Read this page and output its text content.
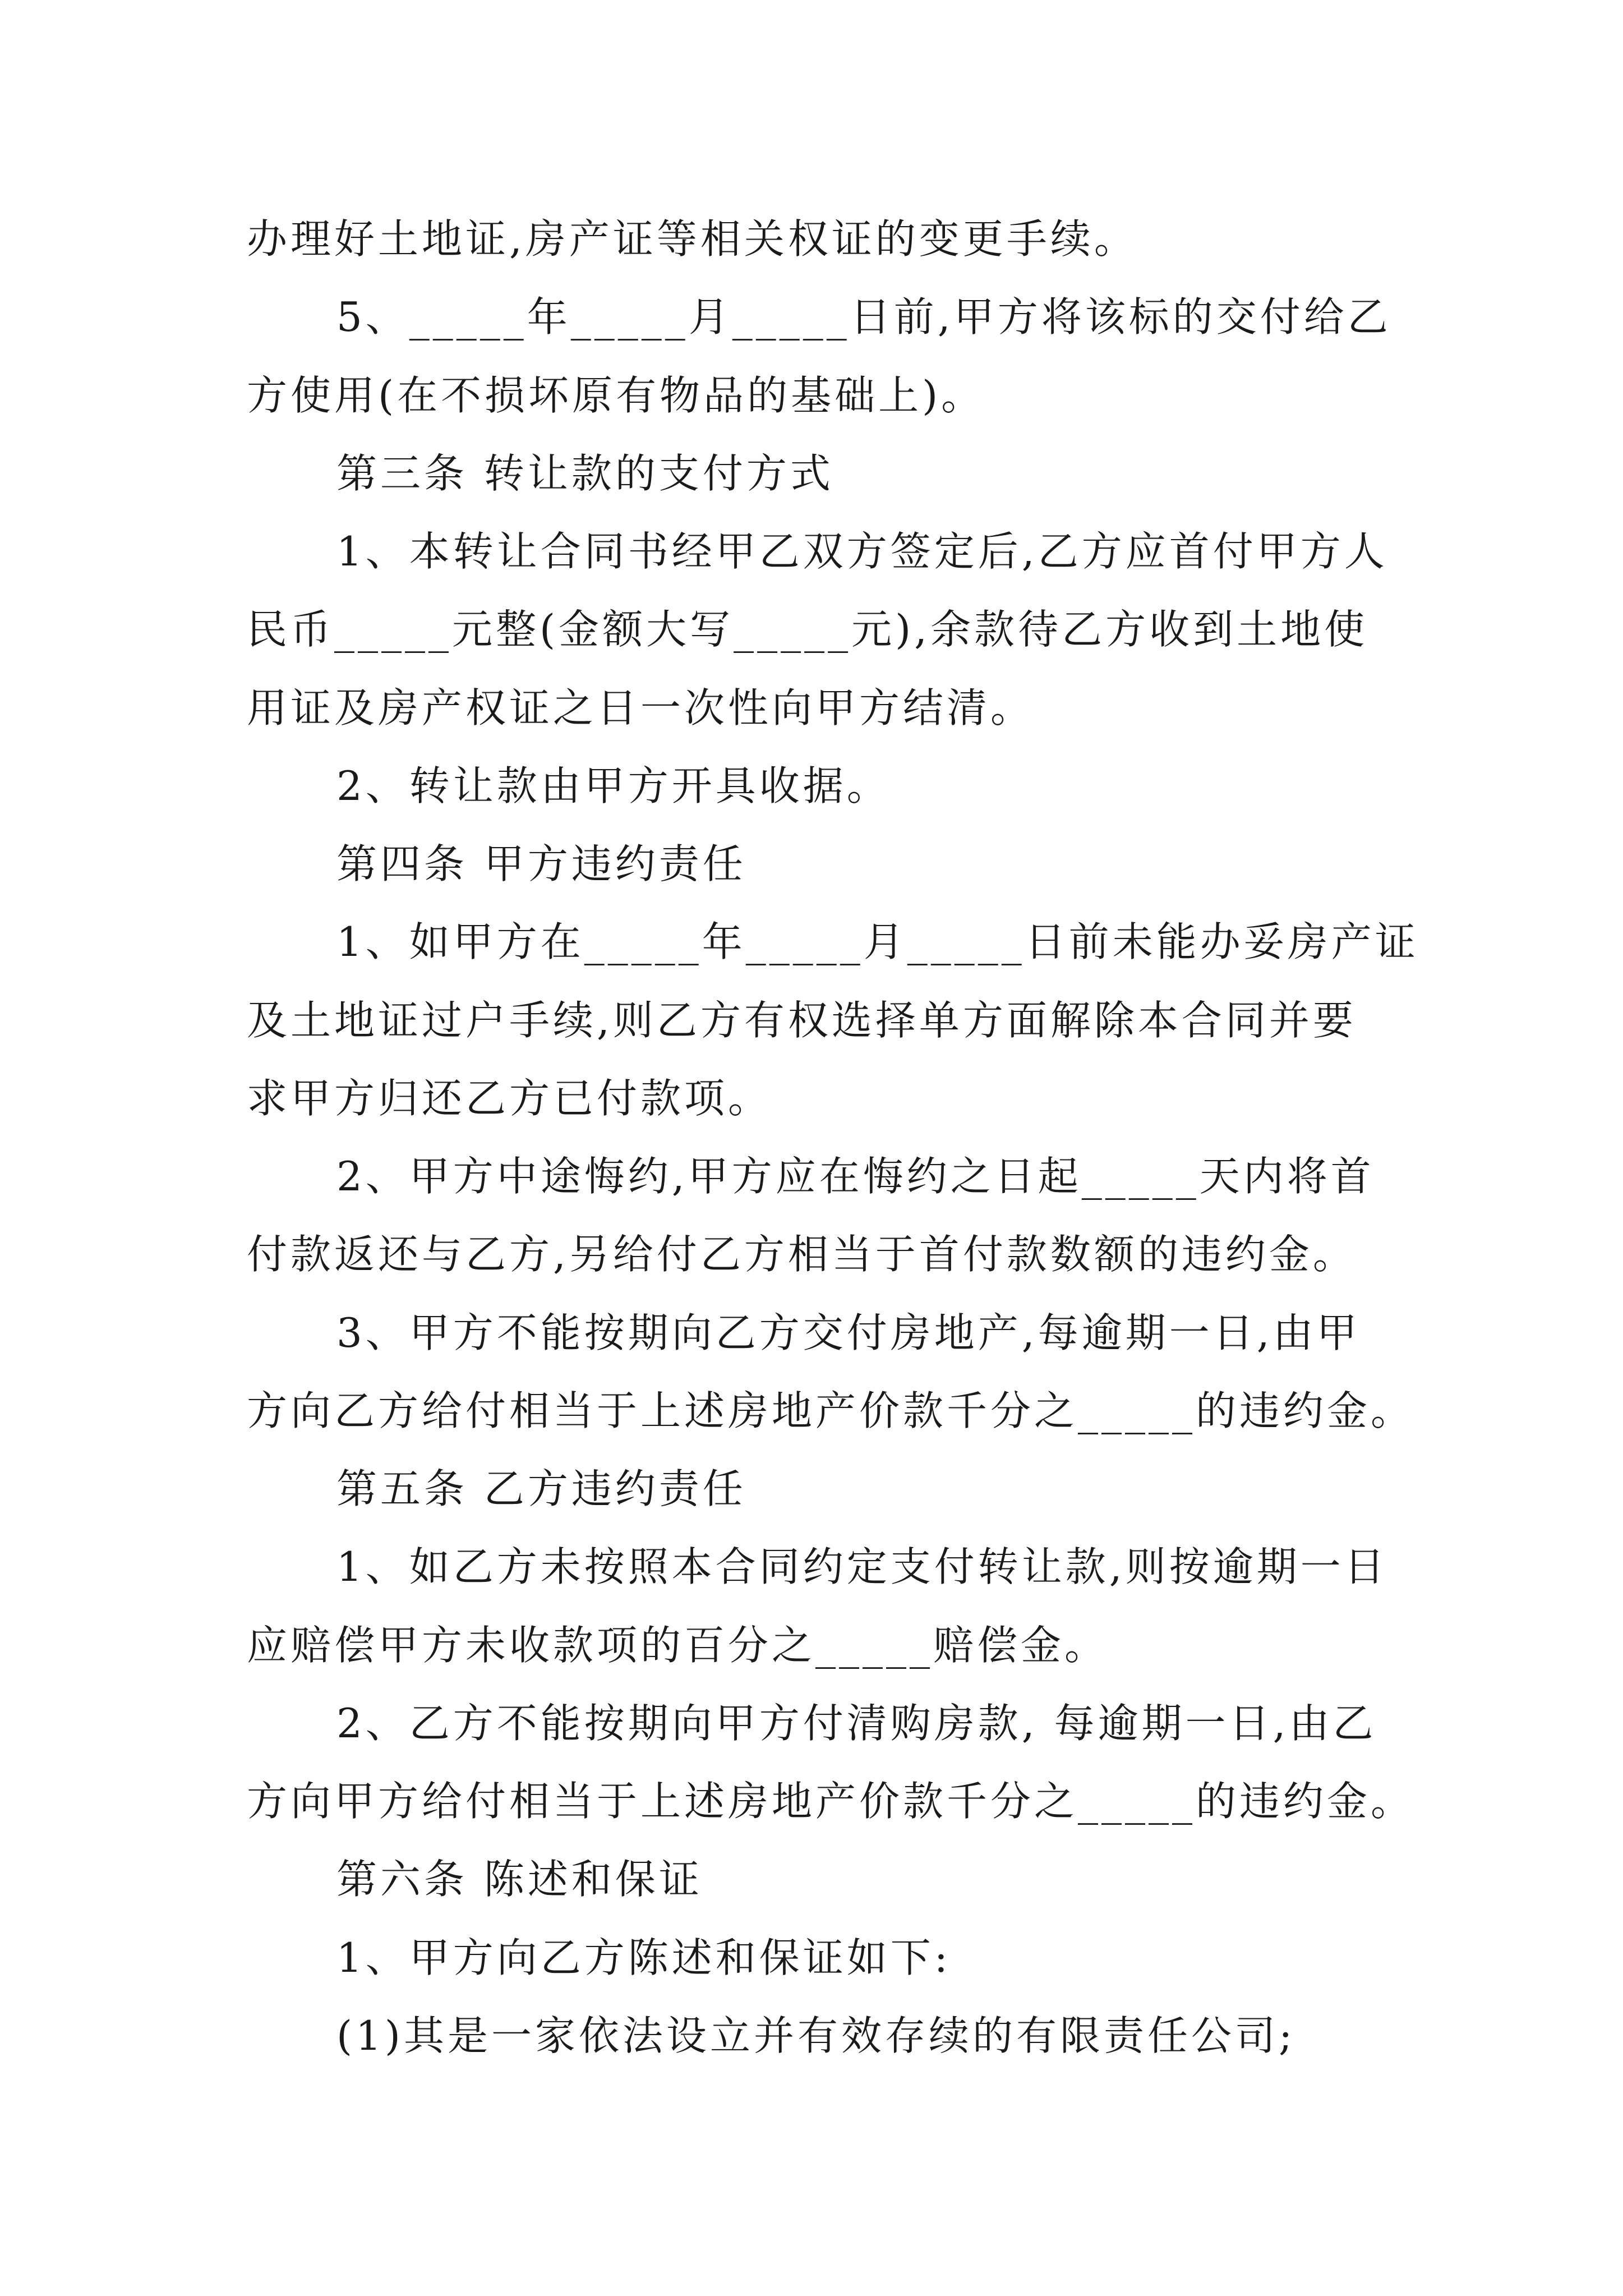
办理好土地证,房产证等相关权证的变更手续。

5、_____年_____月_____日前,甲方将该标的交付给乙

方使用(在不损坏原有物品的基础上)。

第三条 转让款的支付方式

1、本转让合同书经甲乙双方签定后,乙方应首付甲方人

民币_____元整(金额大写_____元),余款待乙方收到土地使

用证及房产权证之日一次性向甲方结清。

2、转让款由甲方开具收据。

第四条 甲方违约责任

1、如甲方在_____年_____月_____日前未能办妥房产证

及土地证过户手续,则乙方有权选择单方面解除本合同并要

求甲方归还乙方已付款项。

2、甲方中途悔约,甲方应在悔约之日起_____天内将首

付款返还与乙方,另给付乙方相当于首付款数额的违约金。

3、甲方不能按期向乙方交付房地产,每逾期一日,由甲

方向乙方给付相当于上述房地产价款千分之_____的违约金。

第五条 乙方违约责任

1、如乙方未按照本合同约定支付转让款,则按逾期一日

应赔偿甲方未收款项的百分之_____赔偿金。

2、乙方不能按期向甲方付清购房款, 每逾期一日,由乙

方向甲方给付相当于上述房地产价款千分之_____的违约金。

第六条 陈述和保证

1、甲方向乙方陈述和保证如下:

(1)其是一家依法设立并有效存续的有限责任公司;
